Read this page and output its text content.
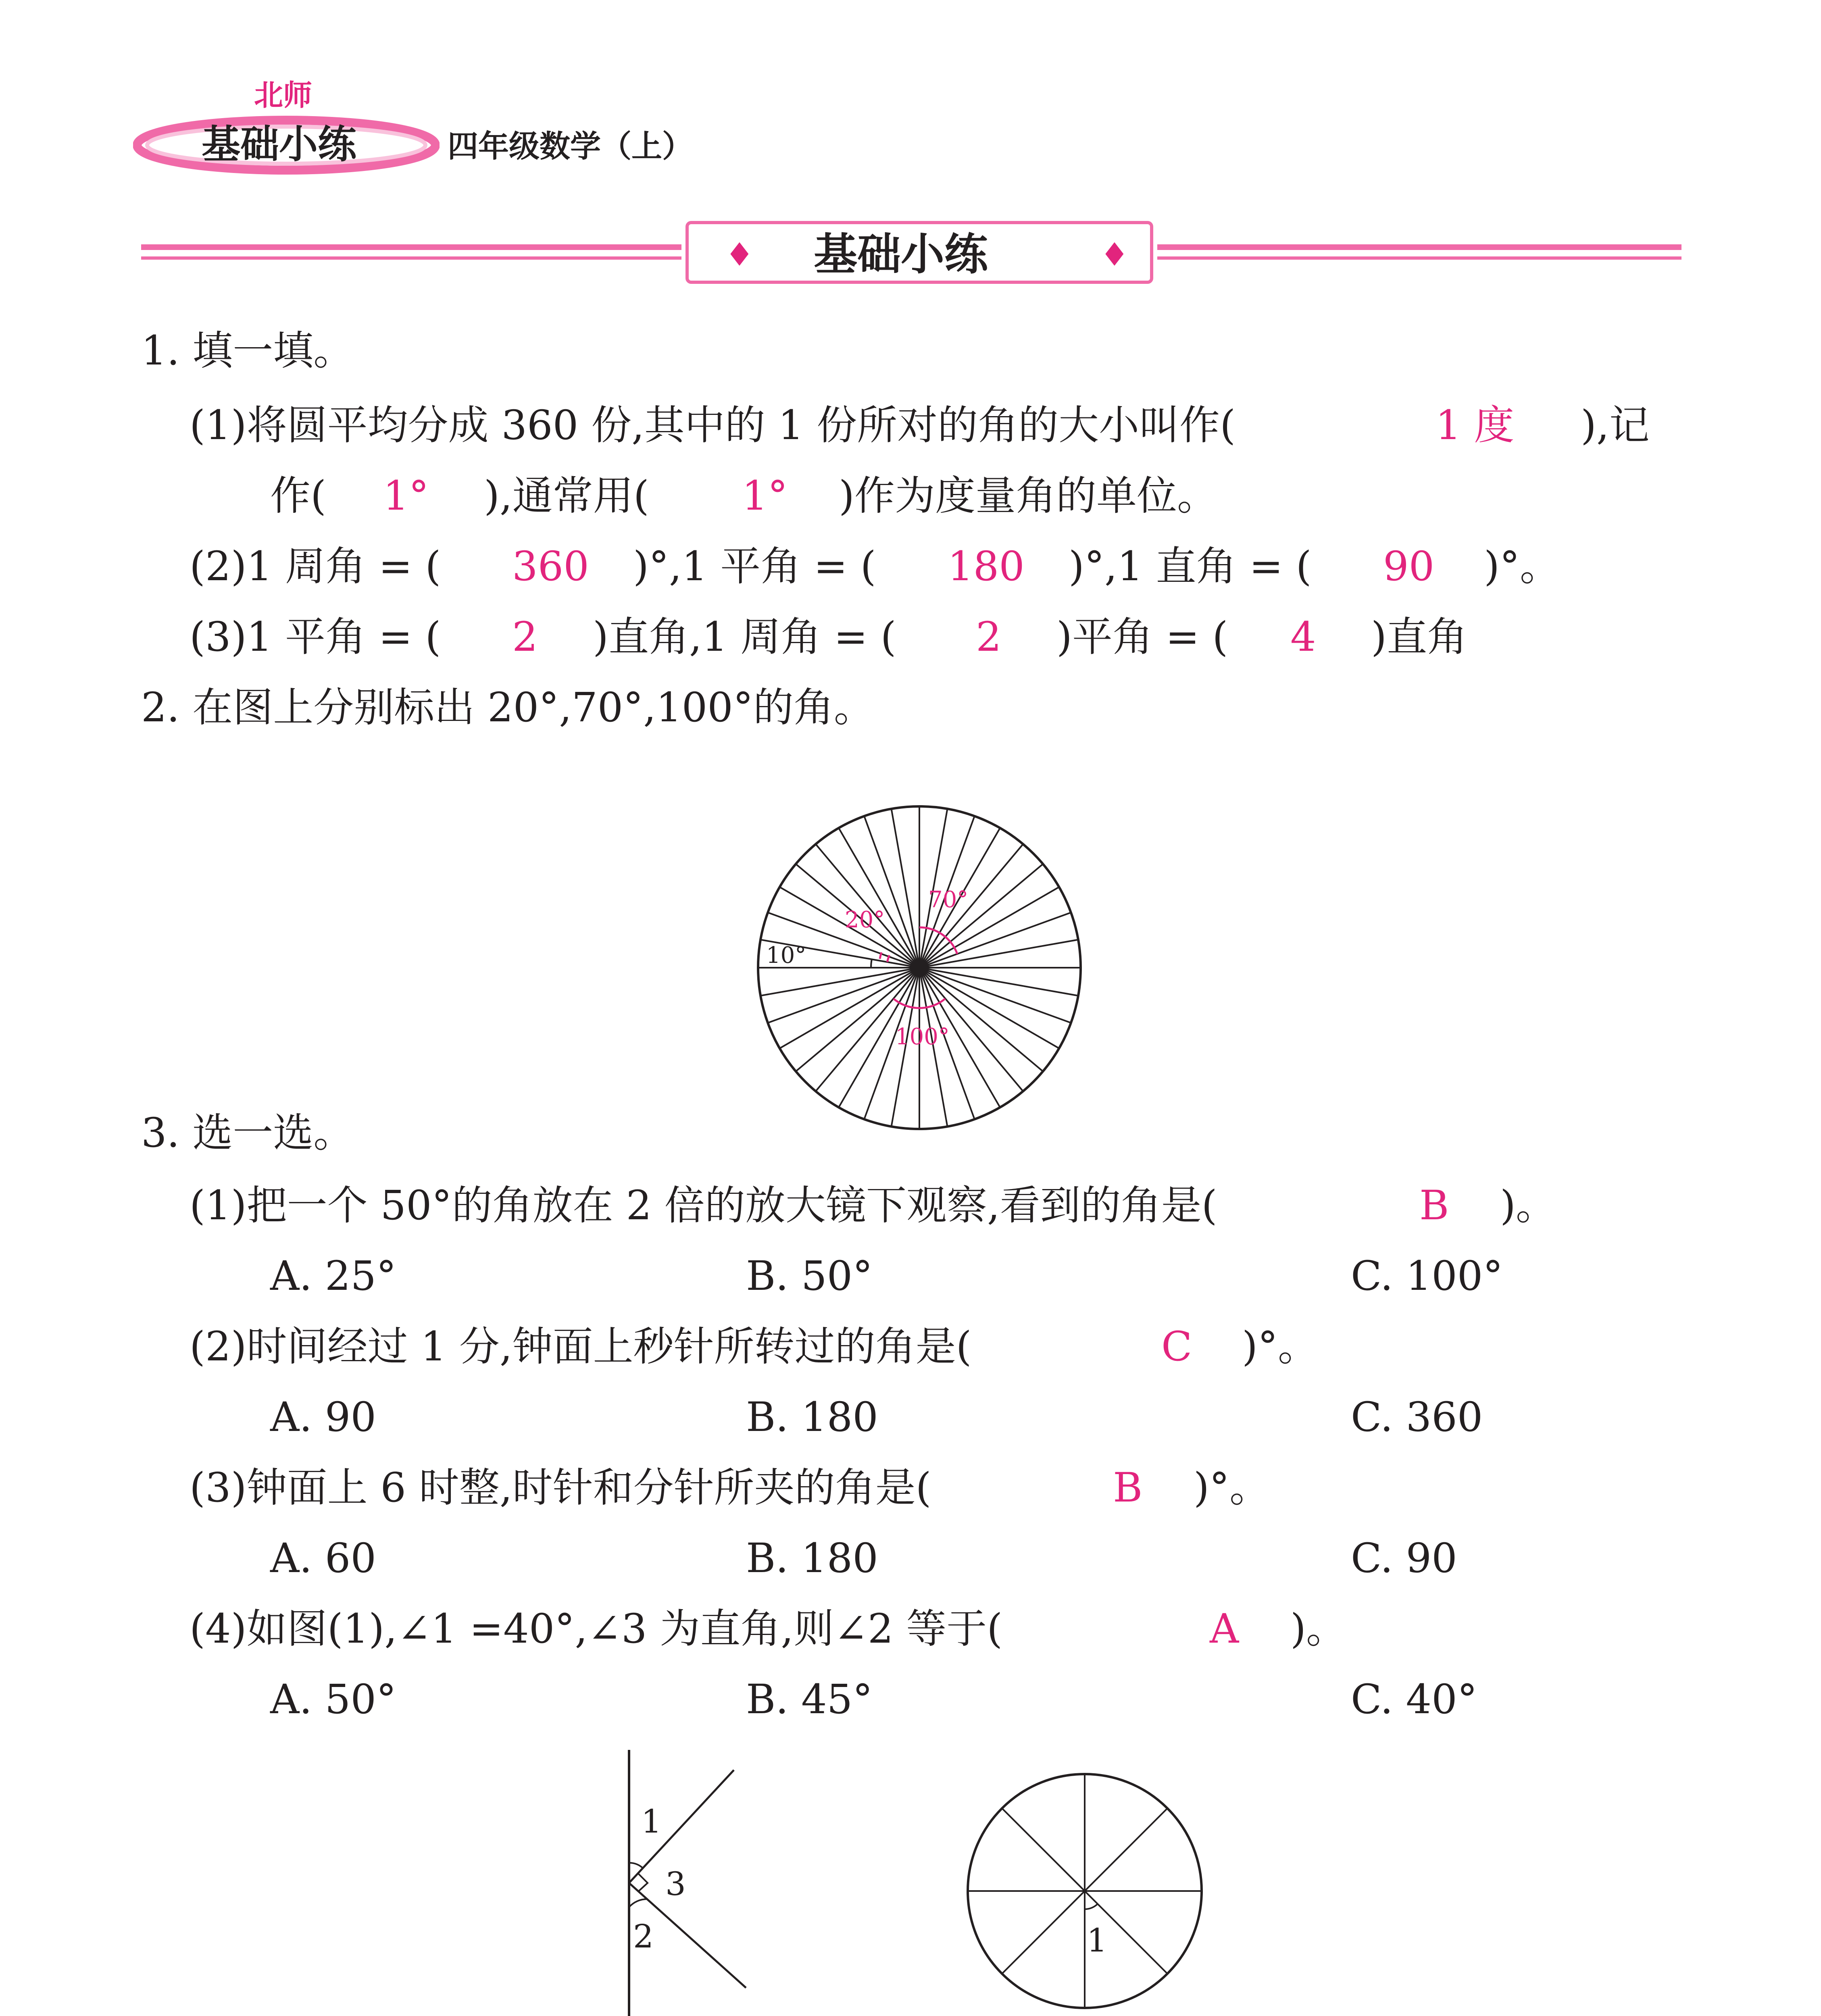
北师
基础小练	四年级数学（上）
♦ 基础小练	♦
1. 填一填。
(1)将圆平均分成 360 份,其中的 1 份所对的角的大小叫作(	1 度 ),记
作( 1° ),通常用( 1° )作为度量角的单位。
(2)1 周角 = ( 360 )°,1 平角 = ( 180 )°,1 直角 = ( 90 )°。
(3)1 平角 = ( 2 )直角,1 周角 = ( 2 )平角 = ( 4 )直角
2. 在图上分别标出 20°,70°,100°的角。
10°
20°
70°
100°
3. 选一选。
(1)把一个 50°的角放在 2 倍的放大镜下观察,看到的角是(	B )。
A. 25°	B. 50°	C. 100°
(2)时间经过 1 分,钟面上秒针所转过的角是(	C )°。
A. 90	B. 180	C. 360
(3)钟面上 6 时整,时针和分针所夹的角是(	B )°。
A. 60	B. 180	C. 90
(4)如图(1),∠1 =40°,∠3 为直角,则∠2 等于(	A )。
A. 50°	B. 45°	C. 40°
1
3
2	1
